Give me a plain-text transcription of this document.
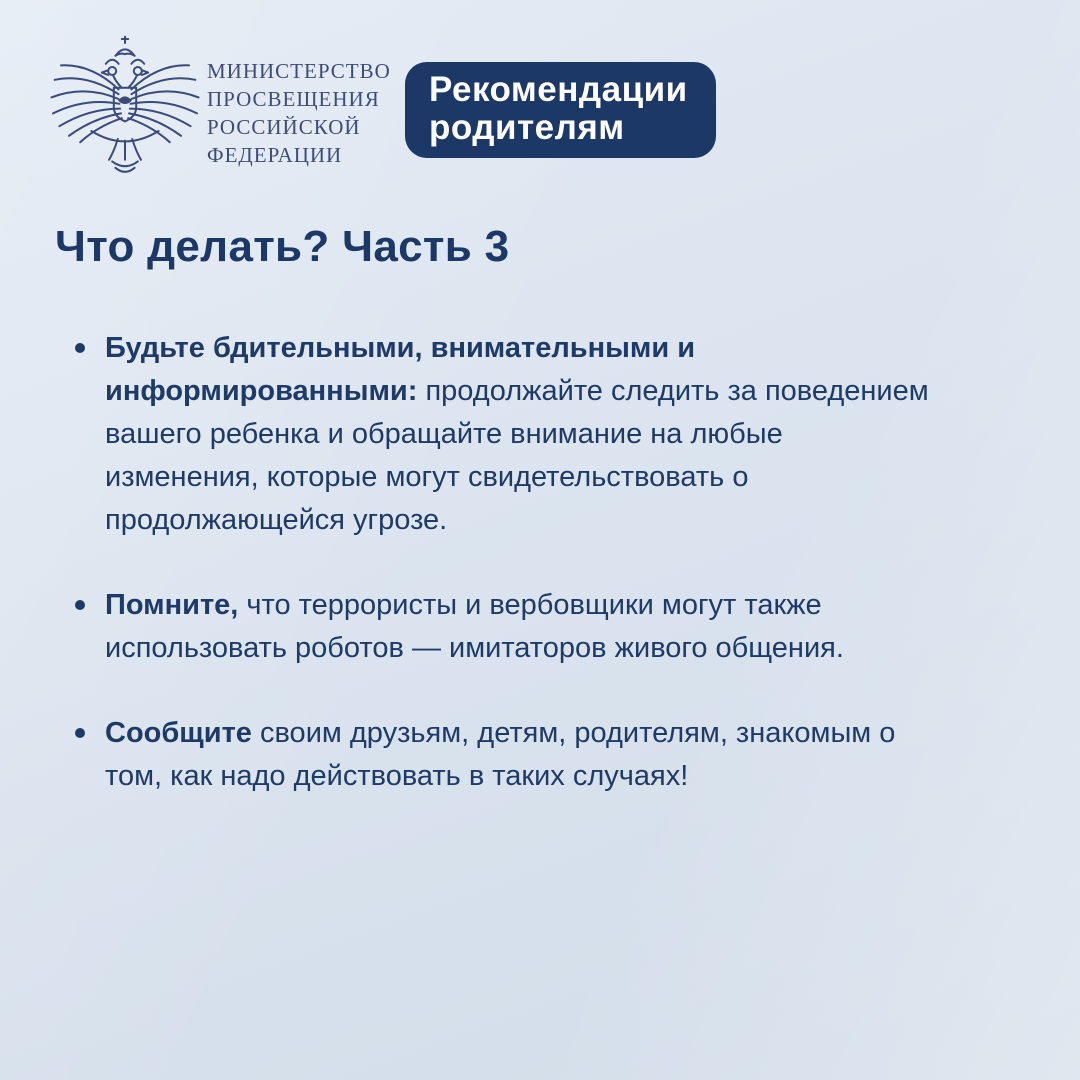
МИНИСТЕРСТВО
ПРОСВЕЩЕНИЯ
РОССИЙСКОЙ
ФЕДЕРАЦИИ
Рекомендации
родителям
Что делать? Часть 3

Будьте бдительными, внимательными и информированными: продолжайте следить за поведением вашего ребенка и обращайте внимание на любые изменения, которые могут свидетельствовать о продолжающейся угрозе.

Помните, что террористы и вербовщики могут также использовать роботов — имитаторов живого общения.

Сообщите своим друзьям, детям, родителям, знакомым о том, как надо действовать в таких случаях!
